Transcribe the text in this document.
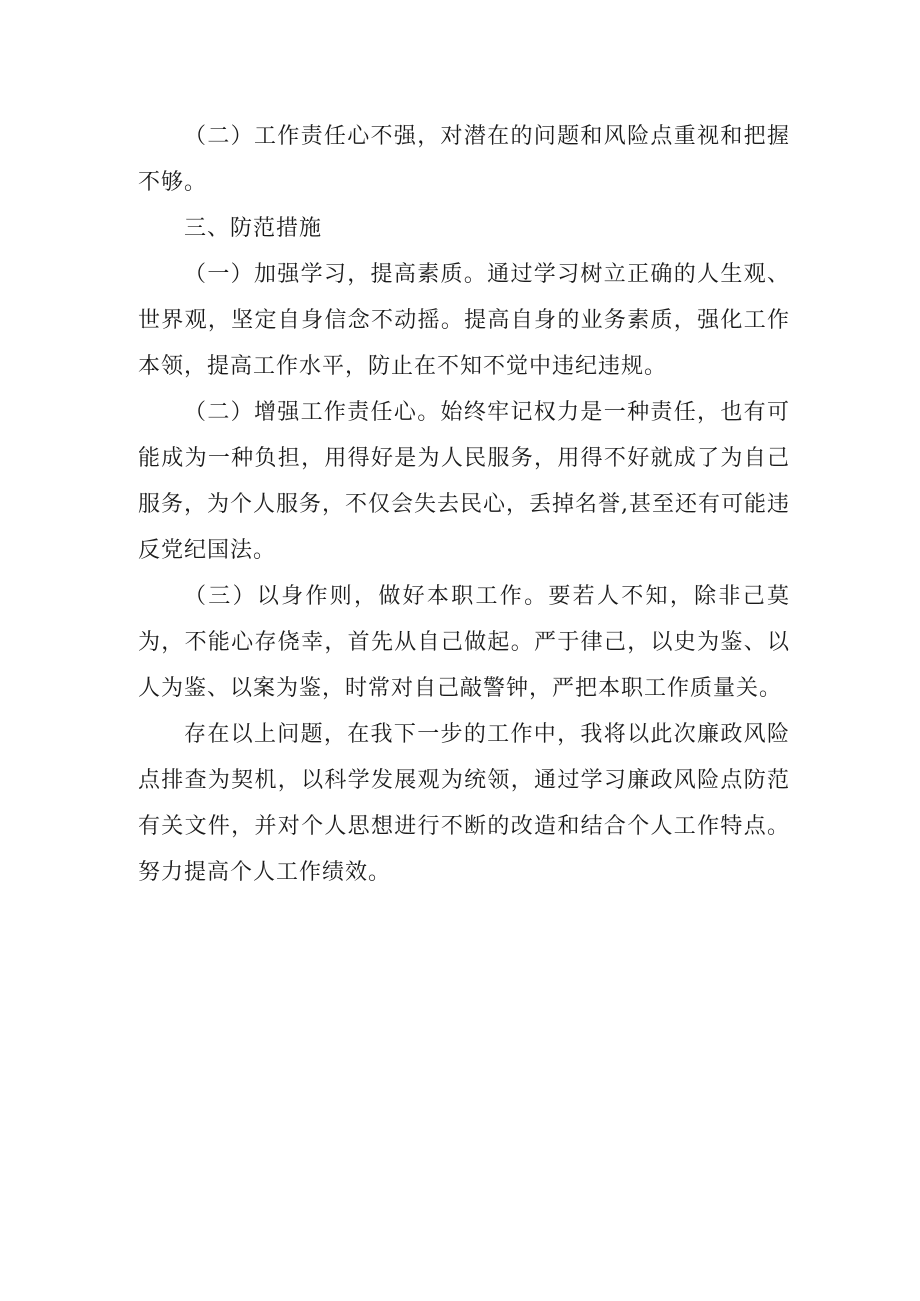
（二）工作责任心不强，对潜在的问题和风险点重视和把握不够。

三、防范措施

（一）加强学习，提高素质。通过学习树立正确的人生观、世界观，坚定自身信念不动摇。提高自身的业务素质，强化工作本领，提高工作水平，防止在不知不觉中违纪违规。

（二）增强工作责任心。始终牢记权力是一种责任，也有可能成为一种负担，用得好是为人民服务，用得不好就成了为自己服务，为个人服务，不仅会失去民心，丢掉名誉,甚至还有可能违反党纪国法。

（三）以身作则，做好本职工作。要若人不知，除非己莫为，不能心存侥幸，首先从自己做起。严于律己，以史为鉴、以人为鉴、以案为鉴，时常对自己敲警钟，严把本职工作质量关。

存在以上问题，在我下一步的工作中，我将以此次廉政风险点排查为契机，以科学发展观为统领，通过学习廉政风险点防范有关文件，并对个人思想进行不断的改造和结合个人工作特点。努力提高个人工作绩效。
